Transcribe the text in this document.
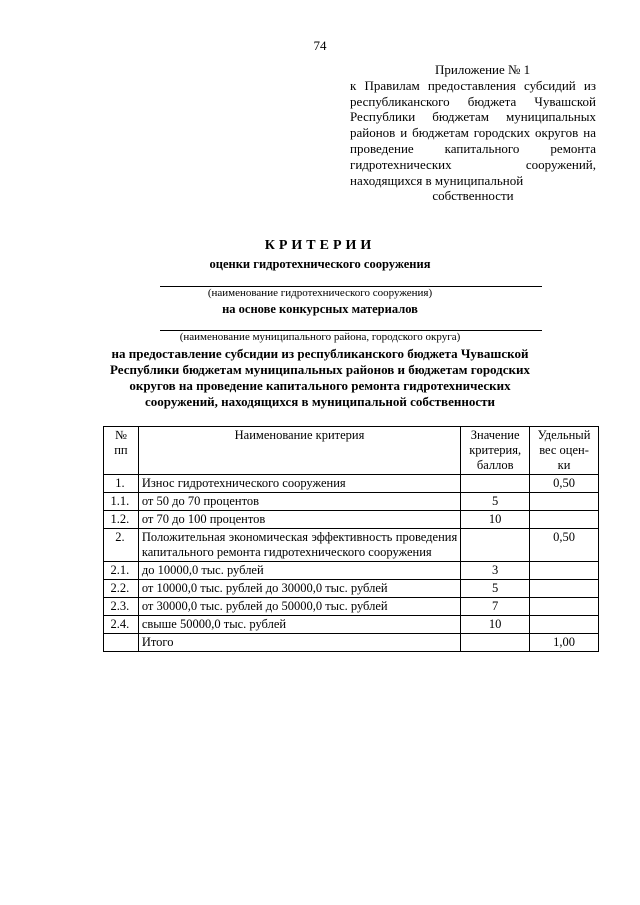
74
Приложение № 1
к Правилам предоставления субсидий из республиканского бюджета Чувашской Республики бюджетам муниципальных районов и бюджетам городских округов на проведение капитального ремонта гидротехнических сооружений, находящихся в муниципальной
собственности
КРИТЕРИИ
оценки гидротехнического сооружения
(наименование гидротехнического сооружения)
на основе конкурсных материалов
(наименование муниципального района, городского округа)
на предоставление субсидии из республиканского бюджета Чувашской Республики бюджетам муниципальных районов и бюджетам городских округов на проведение капитального ремонта гидротехнических сооружений, находящихся в муниципальной собственности
№ пп	Наименование критерия	Значение критерия, баллов	Удельный вес оцен-ки
1.	Износ гидротехнического сооружения		0,50
1.1.	от 50 до 70 процентов	5	
1.2.	от 70 до 100 процентов	10	
2.	Положительная экономическая эффективность проведения капитального ремонта гидротехнического сооружения		0,50
2.1.	до 10000,0 тыс. рублей	3	
2.2.	от 10000,0 тыс. рублей до 30000,0 тыс. рублей	5	
2.3.	от 30000,0 тыс. рублей до 50000,0 тыс. рублей	7	
2.4.	свыше 50000,0 тыс. рублей	10	
	Итого		1,00
